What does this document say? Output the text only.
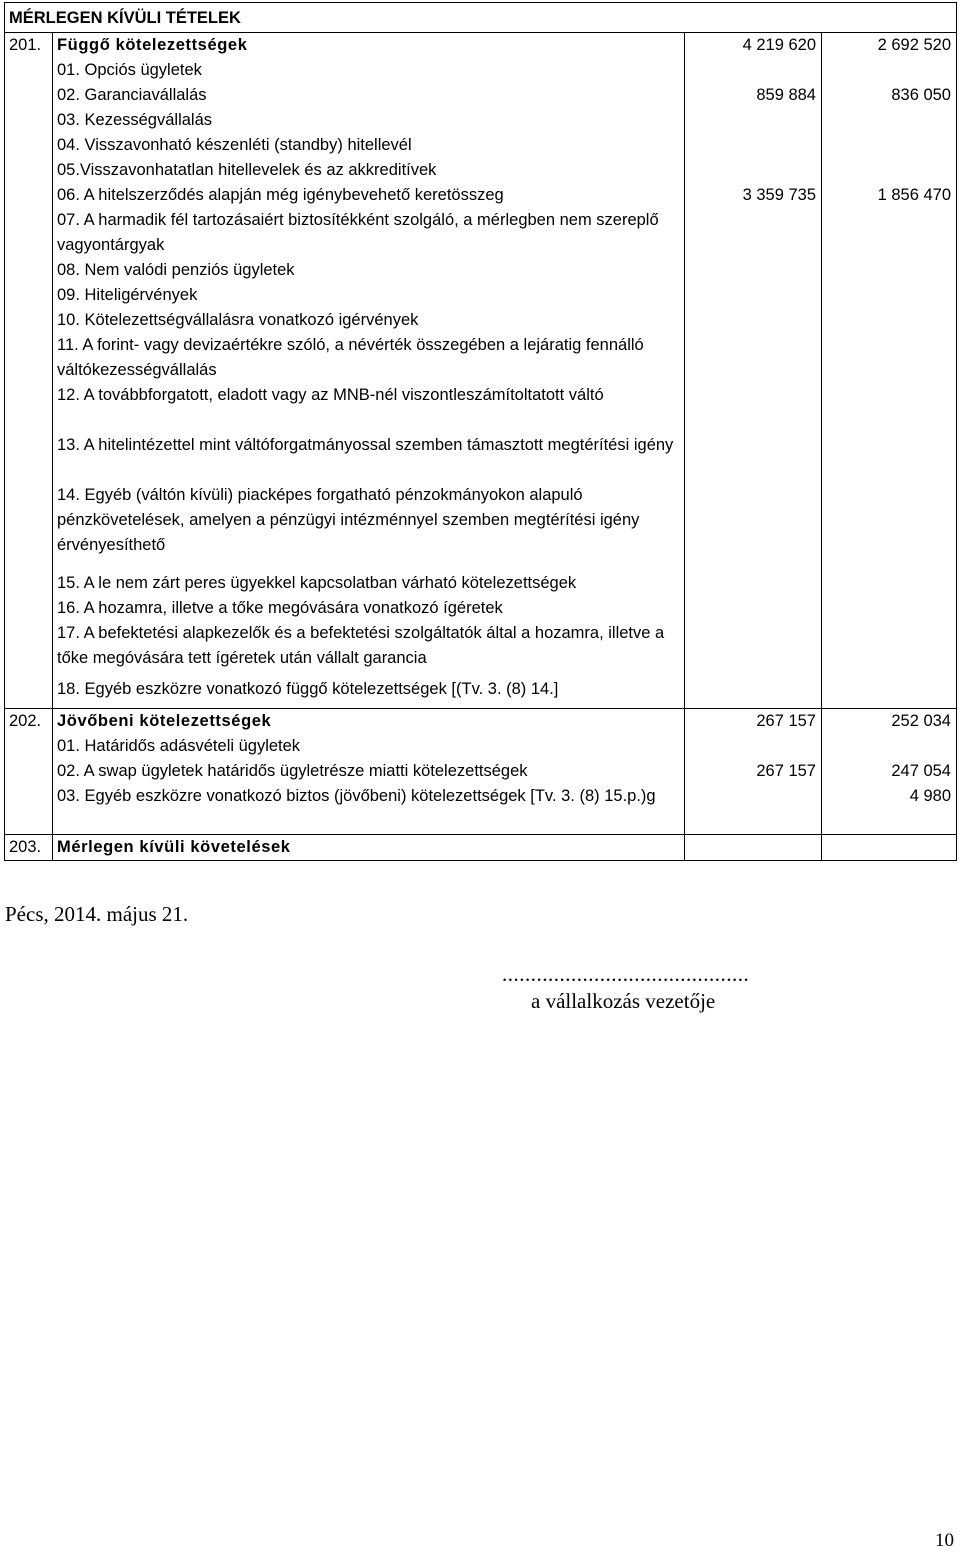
MÉRLEGEN KÍVÜLI TÉTELEK			
201.	Függő kötelezettségek	4 219 620	2 692 520
	01. Opciós ügyletek		
	02. Garanciavállalás	859 884	836 050
	03. Kezességvállalás		
	04. Visszavonható készenléti (standby) hitellevél		
	05.Visszavonhatatlan hitellevelek és az akkreditívek		
	06. A hitelszerződés alapján még igénybevehető keretösszeg	3 359 735	1 856 470
	07. A harmadik fél tartozásaiért biztosítékként szolgáló, a mérlegben nem szereplő vagyontárgyak		
	08. Nem valódi penziós ügyletek		
	09. Hiteligérvények		
	10. Kötelezettségvállalásra vonatkozó igérvények		
	11. A forint- vagy devizaértékre szóló, a névérték összegében a lejáratig fennálló váltókezességvállalás		
	12. A továbbforgatott, eladott vagy az MNB-nél viszontleszámítoltatott váltó		
	13. A hitelintézettel mint váltóforgatmányossal szemben támasztott megtérítési igény		
	14. Egyéb (váltón kívüli) piacképes forgatható pénzokmányokon alapuló pénzkövetelések, amelyen a pénzügyi intézménnyel szemben megtérítési igény érvényesíthető		

	15. A le nem zárt peres ügyekkel kapcsolatban várható kötelezettségek		
	16. A hozamra, illetve a tőke megóvására vonatkozó ígéretek		
	17. A befektetési alapkezelők és a befektetési szolgáltatók által a hozamra, illetve a tőke megóvására tett ígéretek után vállalt garancia		
	18. Egyéb eszközre vonatkozó függő kötelezettségek [(Tv. 3. (8) 14.]		
202.	Jövőbeni kötelezettségek	267 157	252 034
	01. Határidős adásvételi ügyletek		
	02. A swap ügyletek határidős ügyletrésze miatti kötelezettségek	267 157	247 054
	03. Egyéb eszközre vonatkozó biztos (jövőbeni) kötelezettségek [Tv. 3. (8) 15.p.)g		4 980
203.	Mérlegen kívüli követelések		
Pécs, 2014. május 21.
...........................................
a vállalkozás vezetője
10
